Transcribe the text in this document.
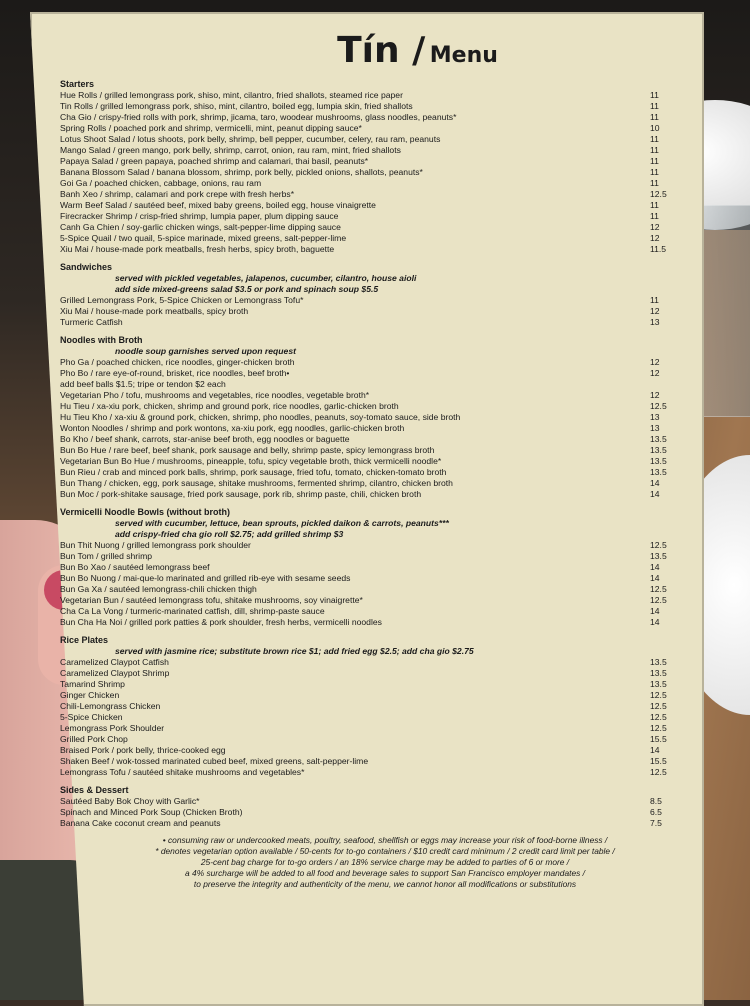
Tín / Menu
Starters
Hue Rolls / grilled lemongrass pork, shiso, mint, cilantro, fried shallots, steamed rice paper	11
Tin Rolls / grilled lemongrass pork, shiso, mint, cilantro, boiled egg, lumpia skin, fried shallots	11
Cha Gio / crispy-fried rolls with pork, shrimp, jicama, taro, woodear mushrooms, glass noodles, peanuts*	11
Spring Rolls / poached pork and shrimp, vermicelli, mint, peanut dipping sauce*	10
Lotus Shoot Salad / lotus shoots, pork belly, shrimp, bell pepper, cucumber, celery, rau ram, peanuts	11
Mango Salad / green mango, pork belly, shrimp, carrot, onion, rau ram, mint, fried shallots	11
Papaya Salad / green papaya, poached shrimp and calamari, thai basil, peanuts*	11
Banana Blossom Salad / banana blossom, shrimp, pork belly, pickled onions, shallots, peanuts*	11
Goi Ga / poached chicken, cabbage, onions, rau ram	11
Banh Xeo / shrimp, calamari and pork crepe with fresh herbs*	12.5
Warm Beef Salad / sautéed beef, mixed baby greens, boiled egg, house vinaigrette	11
Firecracker Shrimp / crisp-fried shrimp, lumpia paper, plum dipping sauce	11
Canh Ga Chien / soy-garlic chicken wings, salt-pepper-lime dipping sauce	12
5-Spice Quail / two quail, 5-spice marinade, mixed greens, salt-pepper-lime	12
Xiu Mai / house-made pork meatballs, fresh herbs, spicy broth, baguette	11.5
Sandwiches
served with pickled vegetables, jalapenos, cucumber, cilantro, house aioli
add side mixed-greens salad $3.5 or pork and spinach soup $5.5
Grilled Lemongrass Pork, 5-Spice Chicken or Lemongrass Tofu*	11
Xiu Mai / house-made pork meatballs, spicy broth	12
Turmeric Catfish	13
Noodles with Broth
noodle soup garnishes served upon request
Pho Ga / poached chicken, rice noodles, ginger-chicken broth	12
Pho Bo / rare eye-of-round, brisket, rice noodles, beef broth•	12
add beef balls $1.5; tripe or tendon $2 each
Vegetarian Pho / tofu, mushrooms and vegetables, rice noodles, vegetable broth*	12
Hu Tieu / xa-xiu pork, chicken, shrimp and ground pork, rice noodles, garlic-chicken broth	12.5
Hu Tieu Kho / xa-xiu & ground pork, chicken, shrimp, pho noodles, peanuts, soy-tomato sauce, side broth	13
Wonton Noodles / shrimp and pork wontons, xa-xiu pork, egg noodles, garlic-chicken broth	13
Bo Kho / beef shank, carrots, star-anise beef broth, egg noodles or baguette	13.5
Bun Bo Hue / rare beef, beef shank, pork sausage and belly, shrimp paste, spicy lemongrass broth	13.5
Vegetarian Bun Bo Hue / mushrooms, pineapple, tofu, spicy vegetable broth, thick vermicelli noodle*	13.5
Bun Rieu / crab and minced pork balls, shrimp, pork sausage, fried tofu, tomato, chicken-tomato broth	13.5
Bun Thang / chicken, egg, pork sausage, shitake mushrooms, fermented shrimp, cilantro, chicken broth	14
Bun Moc / pork-shitake sausage, fried pork sausage, pork rib, shrimp paste, chili, chicken broth	14
Vermicelli Noodle Bowls (without broth)
served with cucumber, lettuce, bean sprouts, pickled daikon & carrots, peanuts***
add crispy-fried cha gio roll $2.75; add grilled shrimp $3
Bun Thit Nuong / grilled lemongrass pork shoulder	12.5
Bun Tom / grilled shrimp	13.5
Bun Bo Xao / sautéed lemongrass beef	14
Bun Bo Nuong / mai-que-lo marinated and grilled rib-eye with sesame seeds	14
Bun Ga Xa / sautéed lemongrass-chili chicken thigh	12.5
Vegetarian Bun / sautéed lemongrass tofu, shitake mushrooms, soy vinaigrette*	12.5
Cha Ca La Vong / turmeric-marinated catfish, dill, shrimp-paste sauce	14
Bun Cha Ha Noi / grilled pork patties & pork shoulder, fresh herbs, vermicelli noodles	14
Rice Plates
served with jasmine rice; substitute brown rice $1; add fried egg $2.5; add cha gio $2.75
Caramelized Claypot Catfish	13.5
Caramelized Claypot Shrimp	13.5
Tamarind Shrimp	13.5
Ginger Chicken	12.5
Chili-Lemongrass Chicken	12.5
5-Spice Chicken	12.5
Lemongrass Pork Shoulder	12.5
Grilled Pork Chop	15.5
Braised Pork / pork belly, thrice-cooked egg	14
Shaken Beef / wok-tossed marinated cubed beef, mixed greens, salt-pepper-lime	15.5
Lemongrass Tofu / sautéed shitake mushrooms and vegetables*	12.5
Sides & Dessert
Sautéed Baby Bok Choy with Garlic*	8.5
Spinach and Minced Pork Soup (Chicken Broth)	6.5
Banana Cake coconut cream and peanuts	7.5
• consuming raw or undercooked meats, poultry, seafood, shellfish or eggs may increase your risk of food-borne illness /
* denotes vegetarian option available / 50-cents for to-go containers / $10 credit card minimum / 2 credit card limit per table /
25-cent bag charge for to-go orders / an 18% service charge may be added to parties of 6 or more /
a 4% surcharge will be added to all food and beverage sales to support San Francisco employer mandates /
to preserve the integrity and authenticity of the menu, we cannot honor all modifications or substitutions
